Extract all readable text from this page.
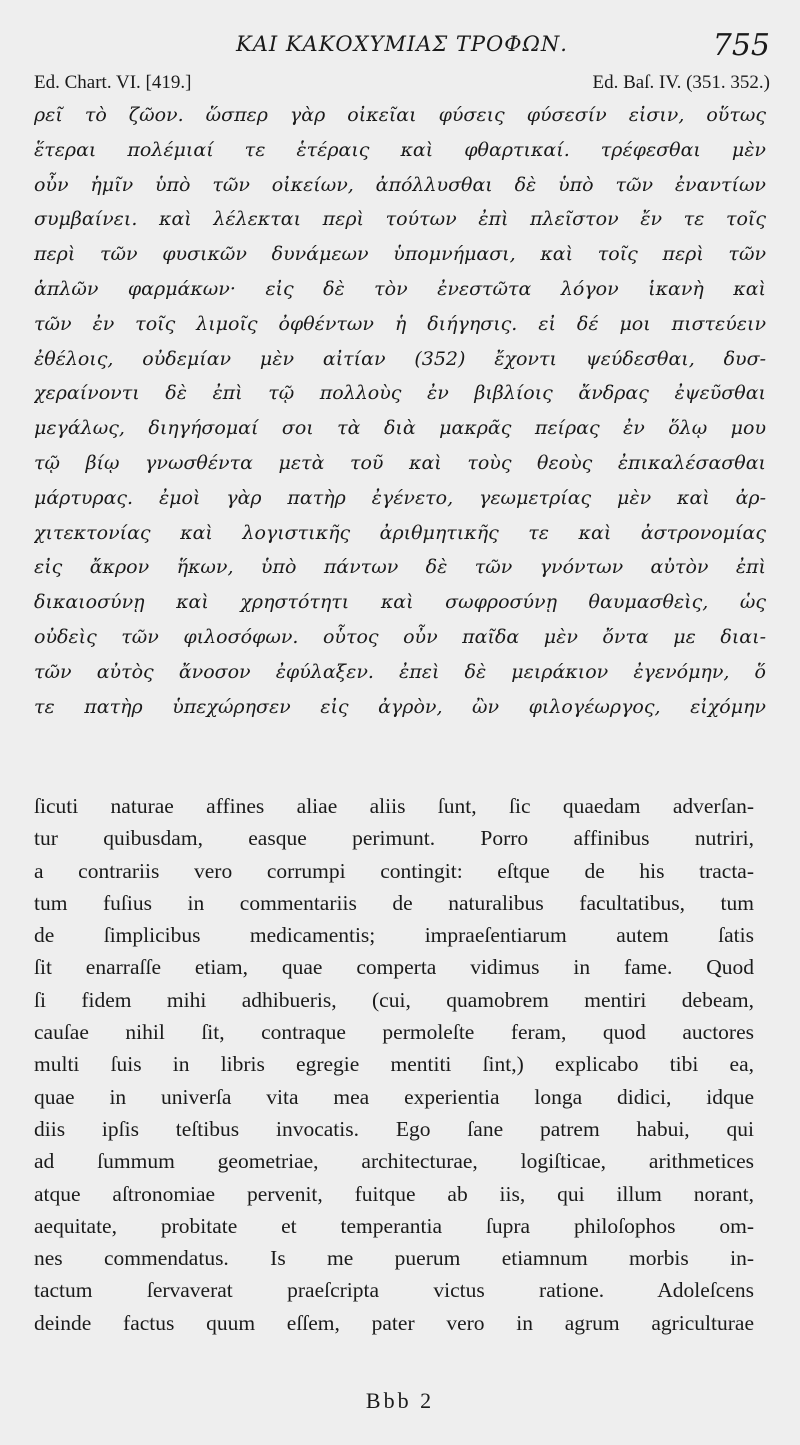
ΚΑΙ ΚΑΚΟΧΥΜΙΑΣ ΤΡΟΦΩΝ.	755
Ed. Chart. VI. [419.]	Ed. Baſ. IV. (351. 352.)
ρεῖ τὸ ζῶον. ὥσπερ γὰρ οἰκεῖαι φύσεις φύσεσίν εἰσιν, οὕτως
ἕτεραι πολέμιαί τε ἑτέραις καὶ φθαρτικαί. τρέφεσθαι μὲν
οὖν ἡμῖν ὑπὸ τῶν οἰκείων, ἀπόλλυσθαι δὲ ὑπὸ τῶν ἐναντίων
συμβαίνει. καὶ λέλεκται περὶ τούτων ἐπὶ πλεῖστον ἔν τε τοῖς
περὶ τῶν φυσικῶν δυνάμεων ὑπομνήμασι, καὶ τοῖς περὶ τῶν
ἁπλῶν φαρμάκων· εἰς δὲ τὸν ἐνεστῶτα λόγον ἱκανὴ καὶ
τῶν ἐν τοῖς λιμοῖς ὀφθέντων ἡ διήγησις. εἰ δέ μοι πιστεύειν
ἐθέλοις, οὐδεμίαν μὲν αἰτίαν (352) ἔχοντι ψεύδεσθαι, δυσ-
χεραίνοντι δὲ ἐπὶ τῷ πολλοὺς ἐν βιβλίοις ἄνδρας ἐψεῦσθαι
μεγάλως, διηγήσομαί σοι τὰ διὰ μακρᾶς πείρας ἐν ὅλῳ μου
τῷ βίῳ γνωσθέντα μετὰ τοῦ καὶ τοὺς θεοὺς ἐπικαλέσασθαι
μάρτυρας. ἐμοὶ γὰρ πατὴρ ἐγένετο, γεωμετρίας μὲν καὶ ἀρ-
χιτεκτονίας καὶ λογιστικῆς ἀριθμητικῆς τε καὶ ἀστρονομίας
εἰς ἄκρον ἥκων, ὑπὸ πάντων δὲ τῶν γνόντων αὐτὸν ἐπὶ
δικαιοσύνῃ καὶ χρηστότητι καὶ σωφροσύνῃ θαυμασθεὶς, ὡς
οὐδεὶς τῶν φιλοσόφων. οὗτος οὖν παῖδα μὲν ὄντα με διαι-
τῶν αὐτὸς ἄνοσον ἐφύλαξεν. ἐπεὶ δὲ μειράκιον ἐγενόμην, ὅ
τε πατὴρ ὑπεχώρησεν εἰς ἀγρὸν, ὢν φιλογέωργος, εἰχόμην
ſicuti naturae affines aliae aliis ſunt, ſic quaedam adverſan-
tur quibusdam, easque perimunt. Porro affinibus nutriri,
a contrariis vero corrumpi contingit: eſtque de his tracta-
tum fuſius in commentariis de naturalibus facultatibus, tum
de ſimplicibus medicamentis; impraeſentiarum autem ſatis
ſit enarraſſe etiam, quae comperta vidimus in fame. Quod
ſi fidem mihi adhibueris, (cui, quamobrem mentiri debeam,
cauſae nihil ſit, contraque permoleſte feram, quod auctores
multi ſuis in libris egregie mentiti ſint,) explicabo tibi ea,
quae in univerſa vita mea experientia longa didici, idque
diis ipſis teſtibus invocatis. Ego ſane patrem habui, qui
ad ſummum geometriae, architecturae, logiſticae, arithmetices
atque aſtronomiae pervenit, fuitque ab iis, qui illum norant,
aequitate, probitate et temperantia ſupra philoſophos om-
nes commendatus. Is me puerum etiamnum morbis in-
tactum ſervaverat praeſcripta victus ratione. Adoleſcens
deinde factus quum eſſem, pater vero in agrum agriculturae
Bbb 2
